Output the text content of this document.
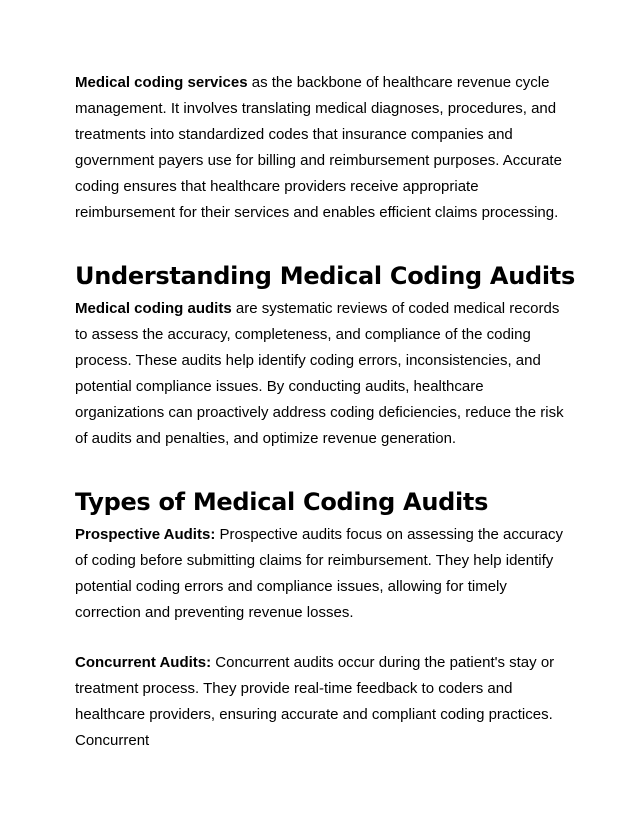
Medical coding services as the backbone of healthcare revenue cycle management. It involves translating medical diagnoses, procedures, and treatments into standardized codes that insurance companies and government payers use for billing and reimbursement purposes. Accurate coding ensures that healthcare providers receive appropriate reimbursement for their services and enables efficient claims processing.

Understanding Medical Coding Audits

Medical coding audits are systematic reviews of coded medical records to assess the accuracy, completeness, and compliance of the coding process. These audits help identify coding errors, inconsistencies, and potential compliance issues. By conducting audits, healthcare organizations can proactively address coding deficiencies, reduce the risk of audits and penalties, and optimize revenue generation.

Types of Medical Coding Audits

Prospective Audits: Prospective audits focus on assessing the accuracy of coding before submitting claims for reimbursement. They help identify potential coding errors and compliance issues, allowing for timely correction and preventing revenue losses.

Concurrent Audits: Concurrent audits occur during the patient's stay or treatment process. They provide real-time feedback to coders and healthcare providers, ensuring accurate and compliant coding practices. Concurrent
